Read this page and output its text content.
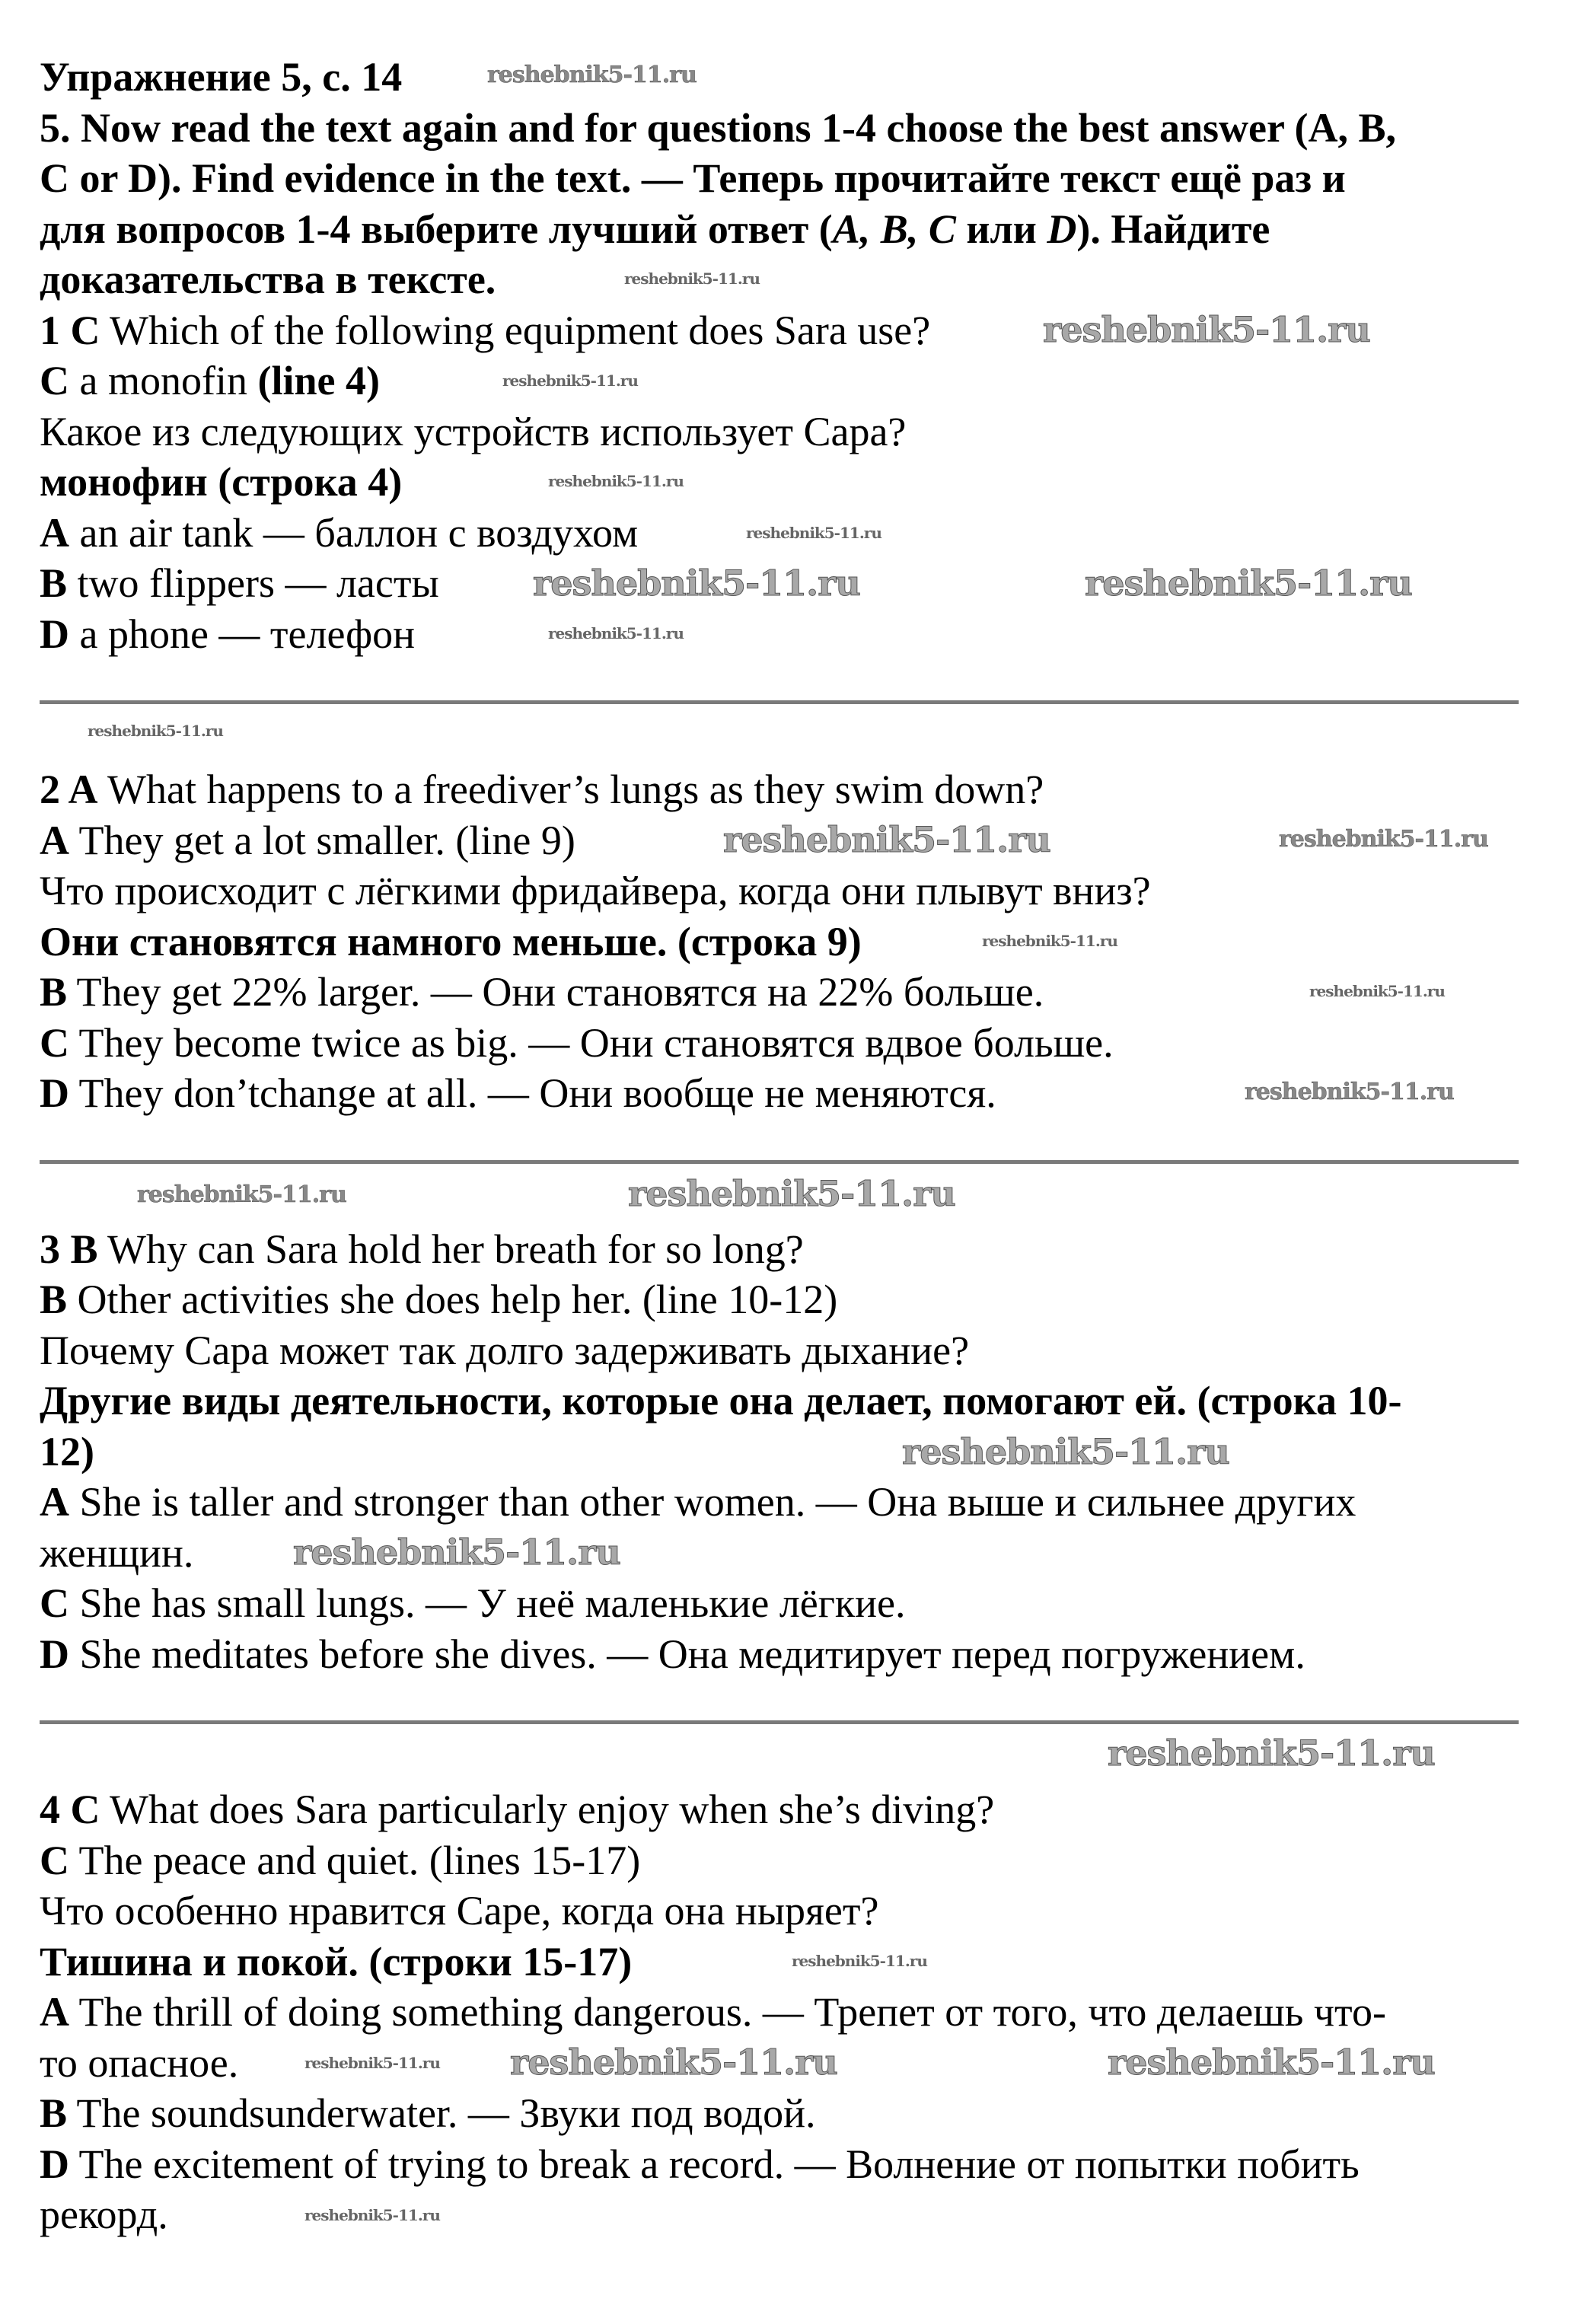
Упражнение 5, с. 14
5. Now read the text again and for questions 1-4 choose the best answer (A, B,
C or D). Find evidence in the text. — Теперь прочитайте текст ещё раз и
для вопросов 1-4 выберите лучший ответ (A, B, C или D). Найдите
доказательства в тексте.
1 C Which of the following equipment does Sara use?
C a monofin (line 4)
Какое из следующих устройств использует Сара?
монофин (строка 4)
A an air tank — баллон с воздухом
B two flippers — ласты
D a phone — телефон
2 A What happens to a freediver’s lungs as they swim down?
A They get a lot smaller. (line 9)
Что происходит с лёгкими фридайвера, когда они плывут вниз?
Они становятся намного меньше. (строка 9)
B They get 22% larger. — Они становятся на 22% больше.
C They become twice as big. — Они становятся вдвое больше.
D They don’tchange at all. — Они вообще не меняются.
3 B Why can Sara hold her breath for so long?
B Other activities she does help her. (line 10-12)
Почему Сара может так долго задерживать дыхание?
Другие виды деятельности, которые она делает, помогают ей. (строка 10-
12)
A She is taller and stronger than other women. — Она выше и сильнее других
женщин.
C She has small lungs. — У неё маленькие лёгкие.
D She meditates before she dives. — Она медитирует перед погружением.
4 C What does Sara particularly enjoy when she’s diving?
C The peace and quiet. (lines 15-17)
Что особенно нравится Саре, когда она ныряет?
Тишина и покой. (строки 15-17)
A The thrill of doing something dangerous. — Трепет от того, что делаешь что-
то опасное.
B The soundsunderwater. — Звуки под водой.
D The excitement of trying to break a record. — Волнение от попытки побить
рекорд.
reshebnik5-11.ru
reshebnik5-11.ru
reshebnik5-11.ru
reshebnik5-11.ru
reshebnik5-11.ru
reshebnik5-11.ru
reshebnik5-11.ru	reshebnik5-11.ru
reshebnik5-11.ru
reshebnik5-11.ru
reshebnik5-11.ru	reshebnik5-11.ru
reshebnik5-11.ru
reshebnik5-11.ru
reshebnik5-11.ru
reshebnik5-11.ru
reshebnik5-11.ru
reshebnik5-11.ru
reshebnik5-11.ru
reshebnik5-11.ru
reshebnik5-11.ru
reshebnik5-11.ru reshebnik5-11.ru	reshebnik5-11.ru
reshebnik5-11.ru
